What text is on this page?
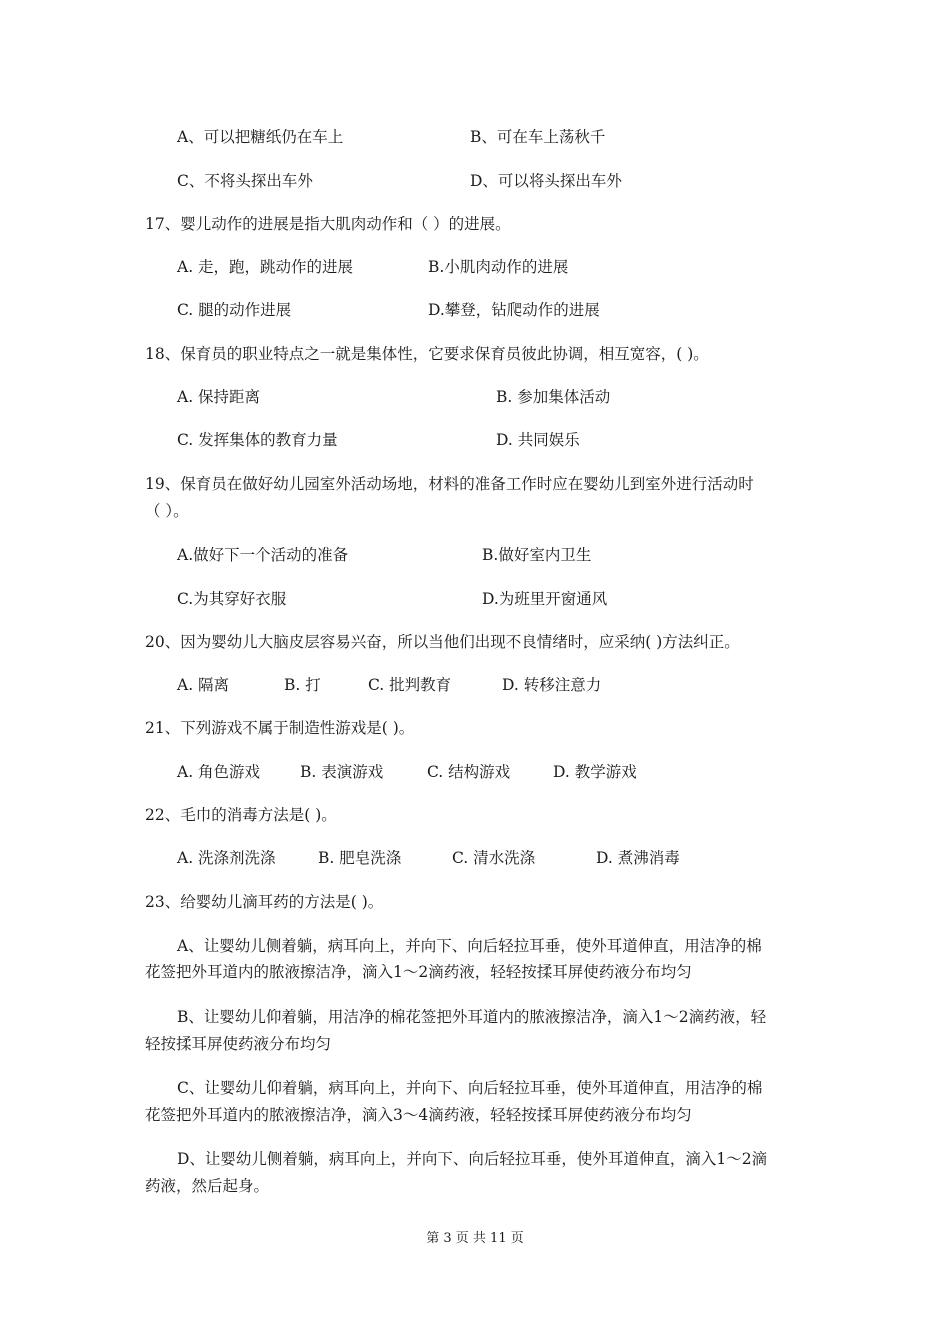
A、可以把糖纸仍在车上	B、可在车上荡秋千
C、不将头探出车外	D、可以将头探出车外
17、婴儿动作的进展是指大肌肉动作和（ ）的进展。
A. 走，跑，跳动作的进展	B.小肌肉动作的进展
C. 腿的动作进展	D.攀登，钻爬动作的进展
18、保育员的职业特点之一就是集体性，它要求保育员彼此协调，相互宽容，( )。
A. 保持距离	B. 参加集体活动
C. 发挥集体的教育力量	D. 共同娱乐
19、保育员在做好幼儿园室外活动场地，材料的准备工作时应在婴幼儿到室外进行活动时
（ ）。
A.做好下一个活动的准备	B.做好室内卫生
C.为其穿好衣服	D.为班里开窗通风
20、因为婴幼儿大脑皮层容易兴奋，所以当他们出现不良情绪时，应采纳( )方法纠正。
A. 隔离	B. 打	C. 批判教育	D. 转移注意力
21、下列游戏不属于制造性游戏是( )。
A. 角色游戏	B. 表演游戏	C. 结构游戏	D. 教学游戏
22、毛巾的消毒方法是( )。
A. 洗涤剂洗涤	B. 肥皂洗涤	C. 清水洗涤	D. 煮沸消毒
23、给婴幼儿滴耳药的方法是( )。
A、让婴幼儿侧着躺，病耳向上，并向下、向后轻拉耳垂，使外耳道伸直，用洁净的棉
花签把外耳道内的脓液擦洁净，滴入1～2滴药液，轻轻按揉耳屏使药液分布均匀
B、让婴幼儿仰着躺，用洁净的棉花签把外耳道内的脓液擦洁净，滴入1～2滴药液，轻
轻按揉耳屏使药液分布均匀
C、让婴幼儿仰着躺，病耳向上，并向下、向后轻拉耳垂，使外耳道伸直，用洁净的棉
花签把外耳道内的脓液擦洁净，滴入3～4滴药液，轻轻按揉耳屏使药液分布均匀
D、让婴幼儿侧着躺，病耳向上，并向下、向后轻拉耳垂，使外耳道伸直，滴入1～2滴
药液，然后起身。
第 3 页 共 11 页
